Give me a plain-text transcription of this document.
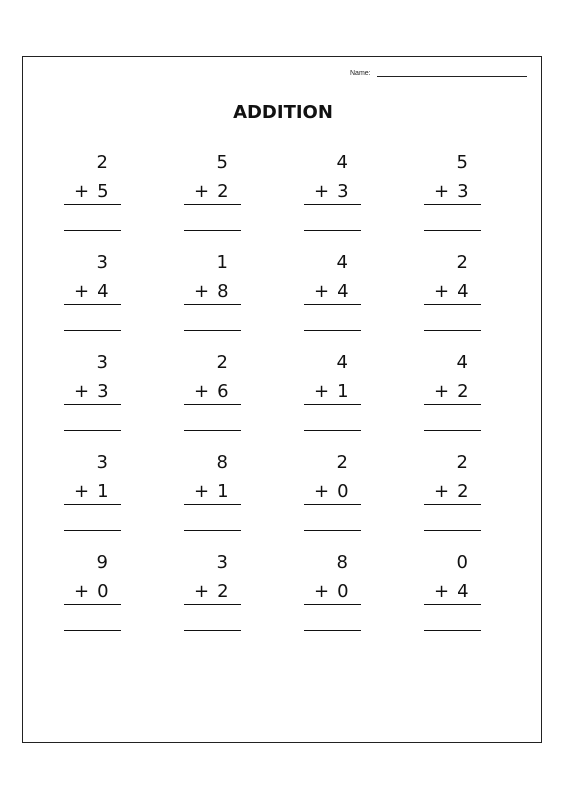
Name:
ADDITION
2
+ 5
5
+ 2
4
+ 3
5
+ 3
3
+ 4
1
+ 8
4
+ 4
2
+ 4
3
+ 3
2
+ 6
4
+ 1
4
+ 2
3
+ 1
8
+ 1
2
+ 0
2
+ 2
9
+ 0
3
+ 2
8
+ 0
0
+ 4
